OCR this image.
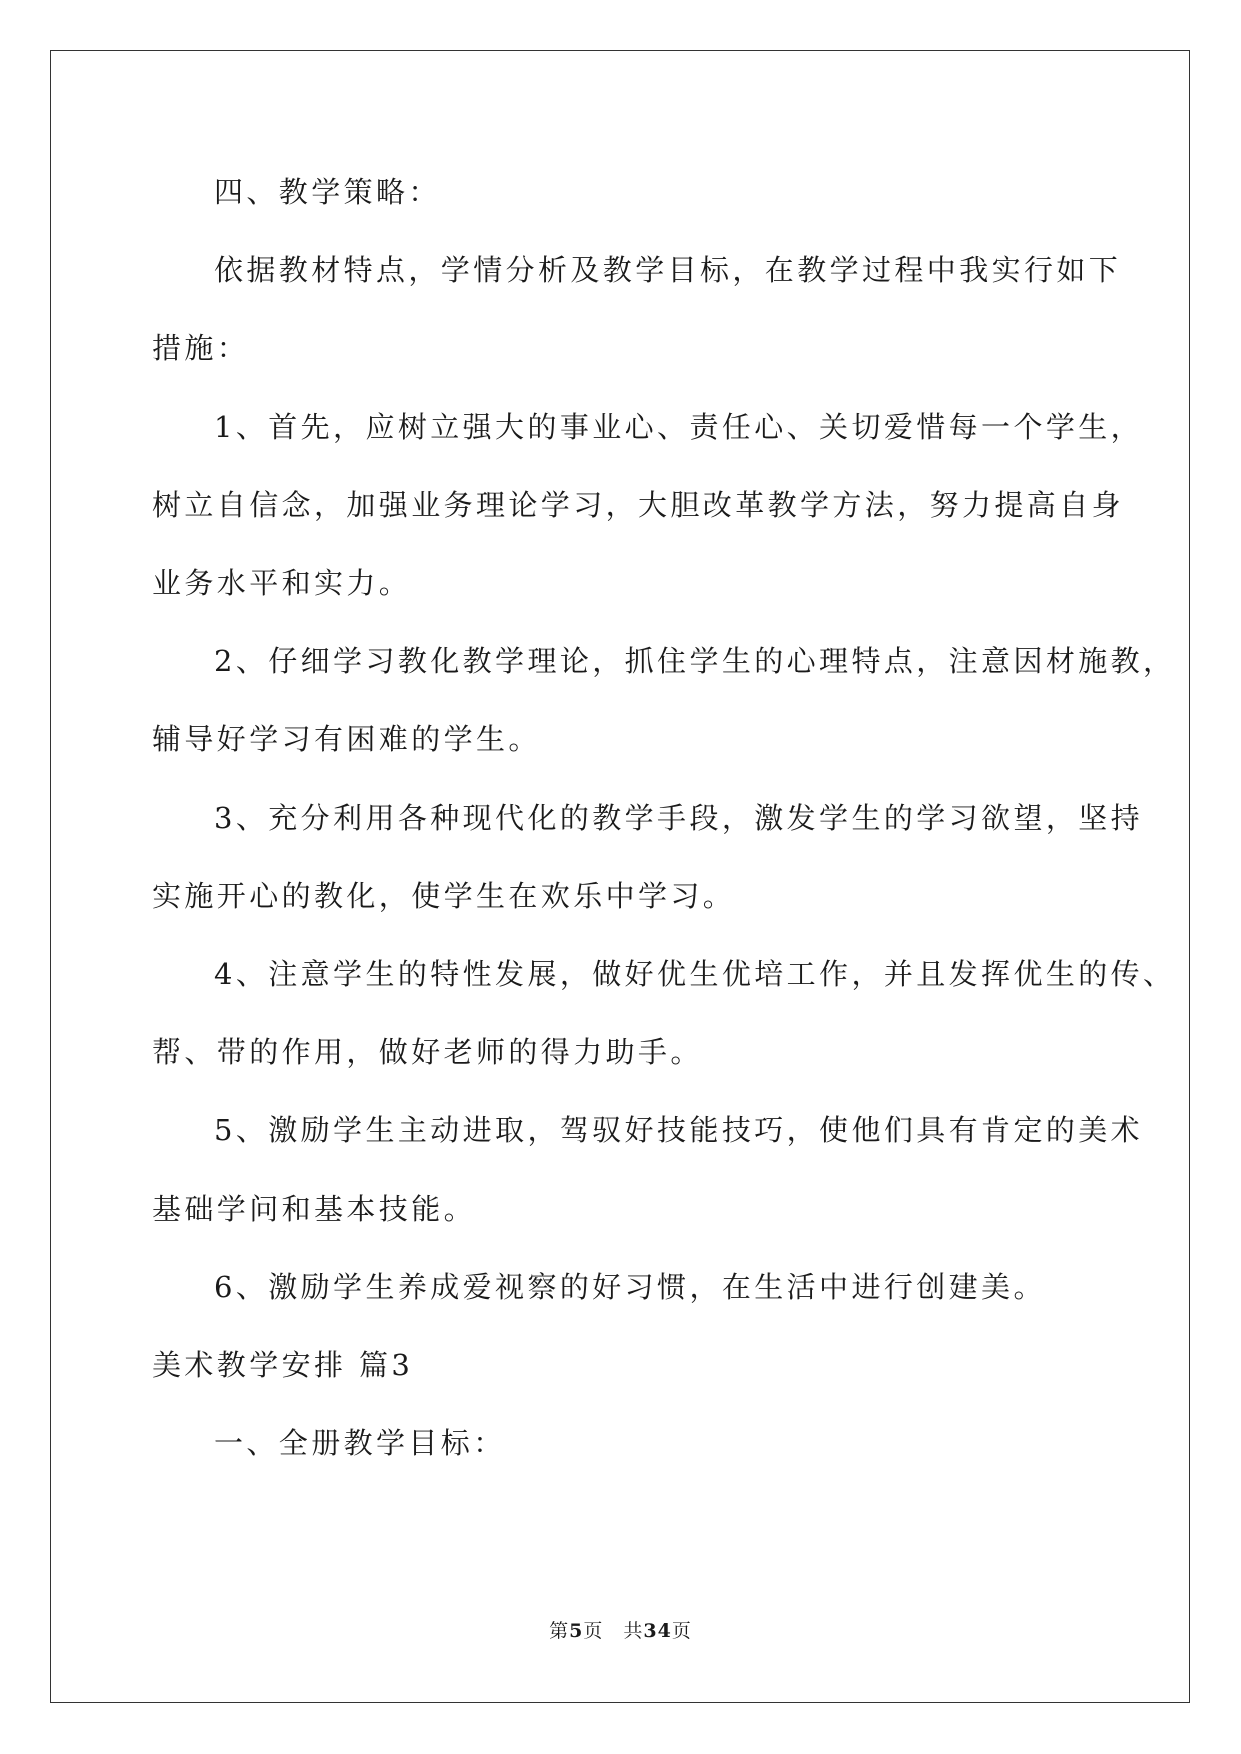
四、教学策略：
依据教材特点，学情分析及教学目标，在教学过程中我实行如下
措施：
1、首先，应树立强大的事业心、责任心、关切爱惜每一个学生，
树立自信念，加强业务理论学习，大胆改革教学方法，努力提高自身
业务水平和实力。
2、仔细学习教化教学理论，抓住学生的心理特点，注意因材施教，
辅导好学习有困难的学生。
3、充分利用各种现代化的教学手段，激发学生的学习欲望，坚持
实施开心的教化，使学生在欢乐中学习。
4、注意学生的特性发展，做好优生优培工作，并且发挥优生的传、
帮、带的作用，做好老师的得力助手。
5、激励学生主动进取，驾驭好技能技巧，使他们具有肯定的美术
基础学问和基本技能。
6、激励学生养成爱视察的好习惯，在生活中进行创建美。
美术教学安排 篇3
一、全册教学目标：
第5页 共34页
